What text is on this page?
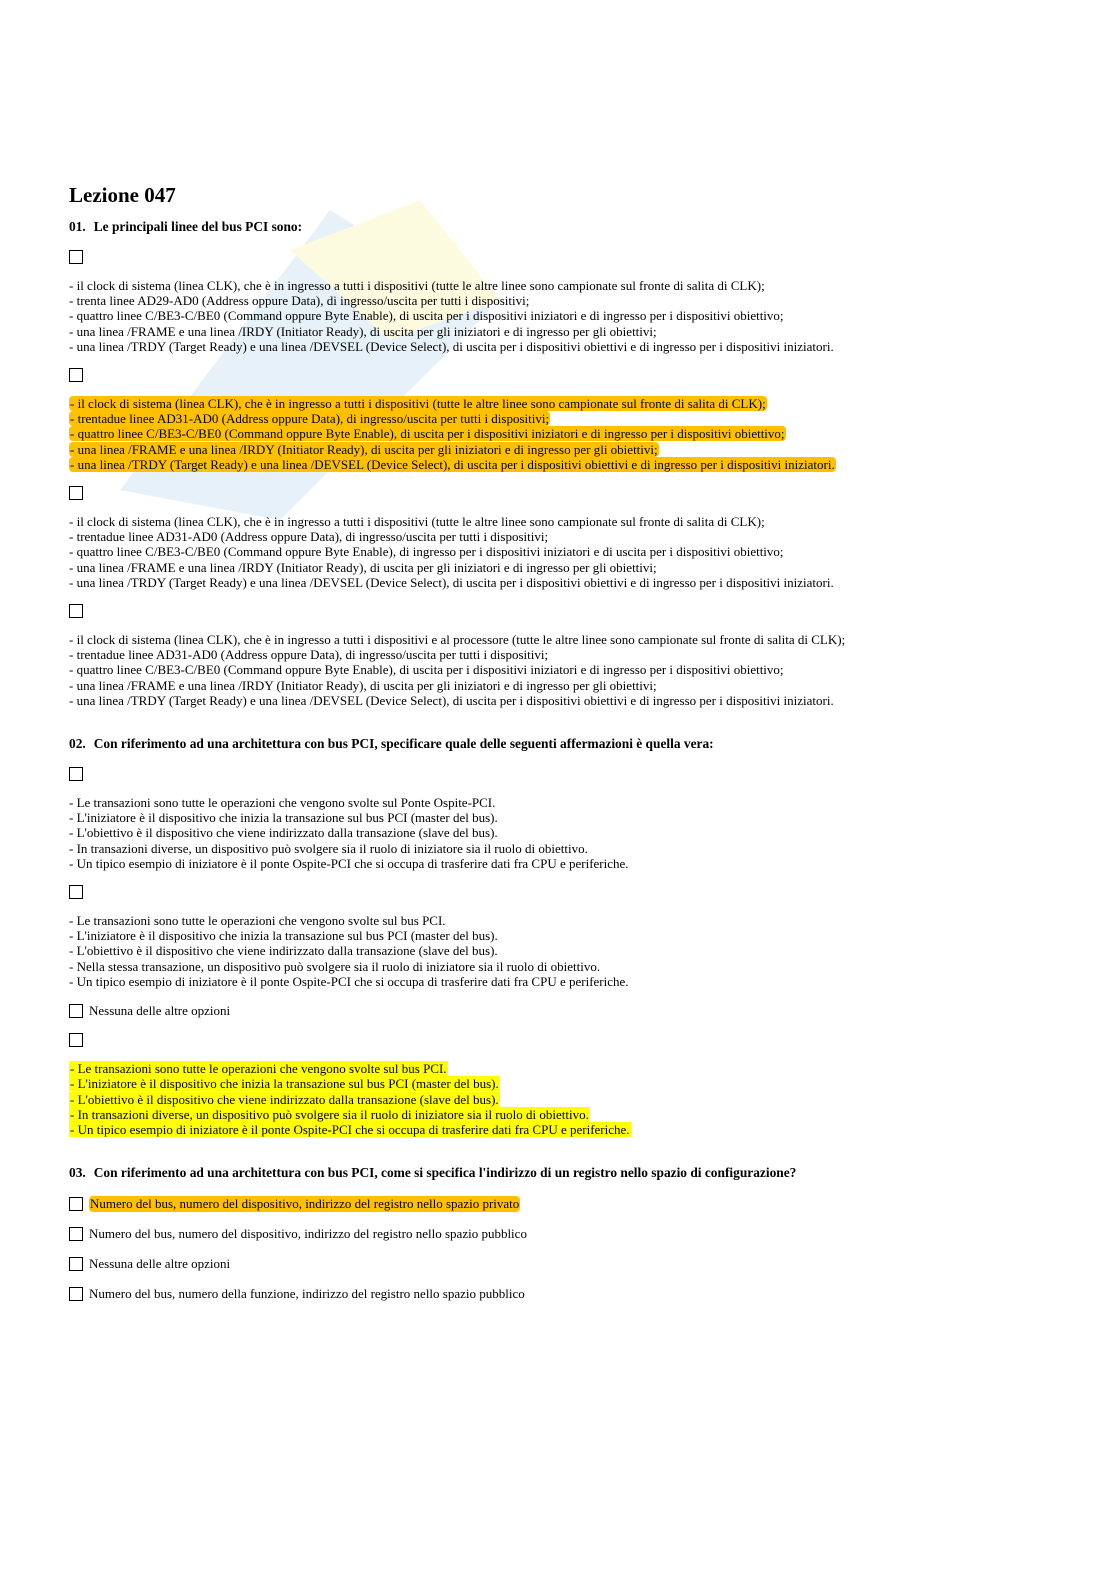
Lezione 047
01. Le principali linee del bus PCI sono:
- il clock di sistema (linea CLK), che è in ingresso a tutti i dispositivi (tutte le altre linee sono campionate sul fronte di salita di CLK);
- trenta linee AD29-AD0 (Address oppure Data), di ingresso/uscita per tutti i dispositivi;
- quattro linee C/BE3-C/BE0 (Command oppure Byte Enable), di uscita per i dispositivi iniziatori e di ingresso per i dispositivi obiettivo;
- una linea /FRAME e una linea /IRDY (Initiator Ready), di uscita per gli iniziatori e di ingresso per gli obiettivi;
- una linea /TRDY (Target Ready) e una linea /DEVSEL (Device Select), di uscita per i dispositivi obiettivi e di ingresso per i dispositivi iniziatori.
- il clock di sistema (linea CLK), che è in ingresso a tutti i dispositivi (tutte le altre linee sono campionate sul fronte di salita di CLK);
- trentadue linee AD31-AD0 (Address oppure Data), di ingresso/uscita per tutti i dispositivi;
- quattro linee C/BE3-C/BE0 (Command oppure Byte Enable), di uscita per i dispositivi iniziatori e di ingresso per i dispositivi obiettivo;
- una linea /FRAME e una linea /IRDY (Initiator Ready), di uscita per gli iniziatori e di ingresso per gli obiettivi;
- una linea /TRDY (Target Ready) e una linea /DEVSEL (Device Select), di uscita per i dispositivi obiettivi e di ingresso per i dispositivi iniziatori.
- il clock di sistema (linea CLK), che è in ingresso a tutti i dispositivi (tutte le altre linee sono campionate sul fronte di salita di CLK);
- trentadue linee AD31-AD0 (Address oppure Data), di ingresso/uscita per tutti i dispositivi;
- quattro linee C/BE3-C/BE0 (Command oppure Byte Enable), di ingresso per i dispositivi iniziatori e di uscita per i dispositivi obiettivo;
- una linea /FRAME e una linea /IRDY (Initiator Ready), di uscita per gli iniziatori e di ingresso per gli obiettivi;
- una linea /TRDY (Target Ready) e una linea /DEVSEL (Device Select), di uscita per i dispositivi obiettivi e di ingresso per i dispositivi iniziatori.
- il clock di sistema (linea CLK), che è in ingresso a tutti i dispositivi e al processore (tutte le altre linee sono campionate sul fronte di salita di CLK);
- trentadue linee AD31-AD0 (Address oppure Data), di ingresso/uscita per tutti i dispositivi;
- quattro linee C/BE3-C/BE0 (Command oppure Byte Enable), di uscita per i dispositivi iniziatori e di ingresso per i dispositivi obiettivo;
- una linea /FRAME e una linea /IRDY (Initiator Ready), di uscita per gli iniziatori e di ingresso per gli obiettivi;
- una linea /TRDY (Target Ready) e una linea /DEVSEL (Device Select), di uscita per i dispositivi obiettivi e di ingresso per i dispositivi iniziatori.
02. Con riferimento ad una architettura con bus PCI, specificare quale delle seguenti affermazioni è quella vera:
- Le transazioni sono tutte le operazioni che vengono svolte sul Ponte Ospite-PCI.
- L'iniziatore è il dispositivo che inizia la transazione sul bus PCI (master del bus).
- L'obiettivo è il dispositivo che viene indirizzato dalla transazione (slave del bus).
- In transazioni diverse, un dispositivo può svolgere sia il ruolo di iniziatore sia il ruolo di obiettivo.
- Un tipico esempio di iniziatore è il ponte Ospite-PCI che si occupa di trasferire dati fra CPU e periferiche.
- Le transazioni sono tutte le operazioni che vengono svolte sul bus PCI.
- L'iniziatore è il dispositivo che inizia la transazione sul bus PCI (master del bus).
- L'obiettivo è il dispositivo che viene indirizzato dalla transazione (slave del bus).
- Nella stessa transazione, un dispositivo può svolgere sia il ruolo di iniziatore sia il ruolo di obiettivo.
- Un tipico esempio di iniziatore è il ponte Ospite-PCI che si occupa di trasferire dati fra CPU e periferiche.
Nessuna delle altre opzioni
- Le transazioni sono tutte le operazioni che vengono svolte sul bus PCI.
- L'iniziatore è il dispositivo che inizia la transazione sul bus PCI (master del bus).
- L'obiettivo è il dispositivo che viene indirizzato dalla transazione (slave del bus).
- In transazioni diverse, un dispositivo può svolgere sia il ruolo di iniziatore sia il ruolo di obiettivo.
- Un tipico esempio di iniziatore è il ponte Ospite-PCI che si occupa di trasferire dati fra CPU e periferiche.
03. Con riferimento ad una architettura con bus PCI, come si specifica l'indirizzo di un registro nello spazio di configurazione?
Numero del bus, numero del dispositivo, indirizzo del registro nello spazio privato
Numero del bus, numero del dispositivo, indirizzo del registro nello spazio pubblico
Nessuna delle altre opzioni
Numero del bus, numero della funzione, indirizzo del registro nello spazio pubblico
